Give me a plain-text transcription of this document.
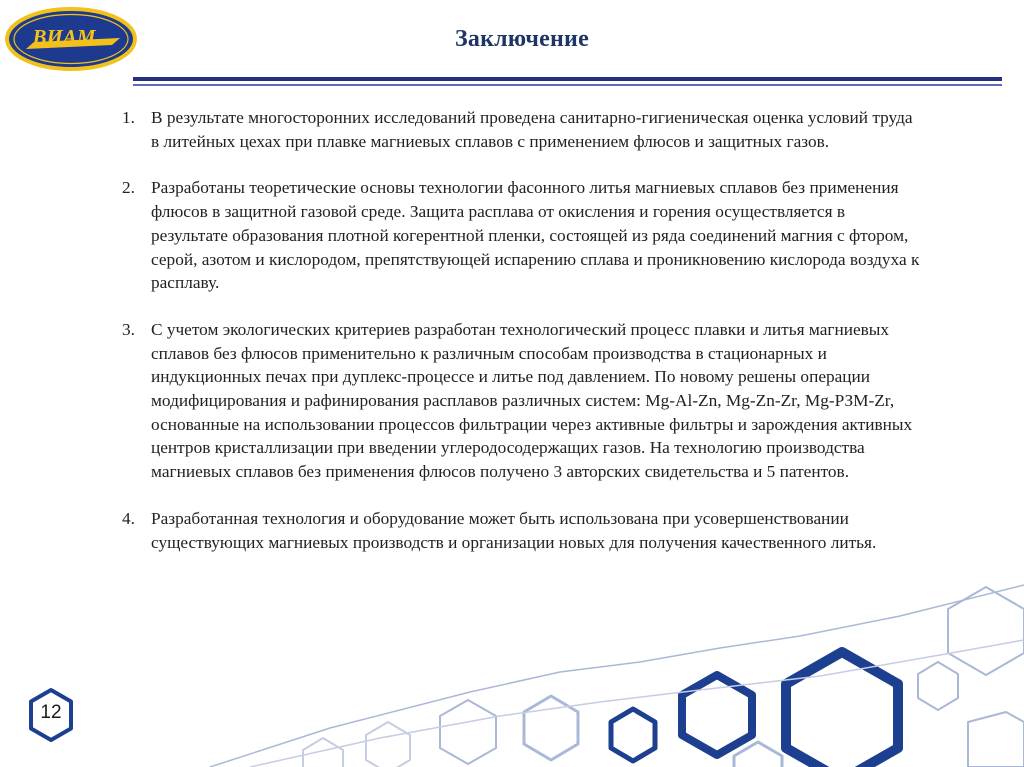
ВИАМ	Заключение
1. В результате многосторонних исследований проведена санитарно-гигиеническая оценка условий труда в литейных цехах при плавке магниевых сплавов с применением флюсов и защитных газов.
2. Разработаны теоретические основы технологии фасонного литья магниевых сплавов без применения флюсов в защитной газовой среде. Защита расплава от окисления и горения осуществляется в результате образования плотной когерентной пленки, состоящей из ряда соединений магния с фтором, серой, азотом и кислородом, препятствующей испарению сплава и проникновению кислорода воздуха к расплаву.
3. С учетом экологических критериев разработан технологический процесс плавки и литья магниевых сплавов без флюсов применительно к различным способам производства в стационарных и индукционных печах при дуплекс-процессе и литье под давлением. По новому решены операции модифицирования и рафинирования расплавов различных систем: Mg-Al-Zn, Mg-Zn-Zr, Mg-РЗМ-Zr, основанные на использовании процессов фильтрации через активные фильтры и зарождения активных центров кристаллизации при введении углеродосодержащих газов. На технологию производства магниевых сплавов без применения флюсов получено 3 авторских свидетельства и 5 патентов.
4. Разработанная технология и оборудование может быть использована при усовершенствовании существующих магниевых производств и организации новых для получения качественного литья.
12
